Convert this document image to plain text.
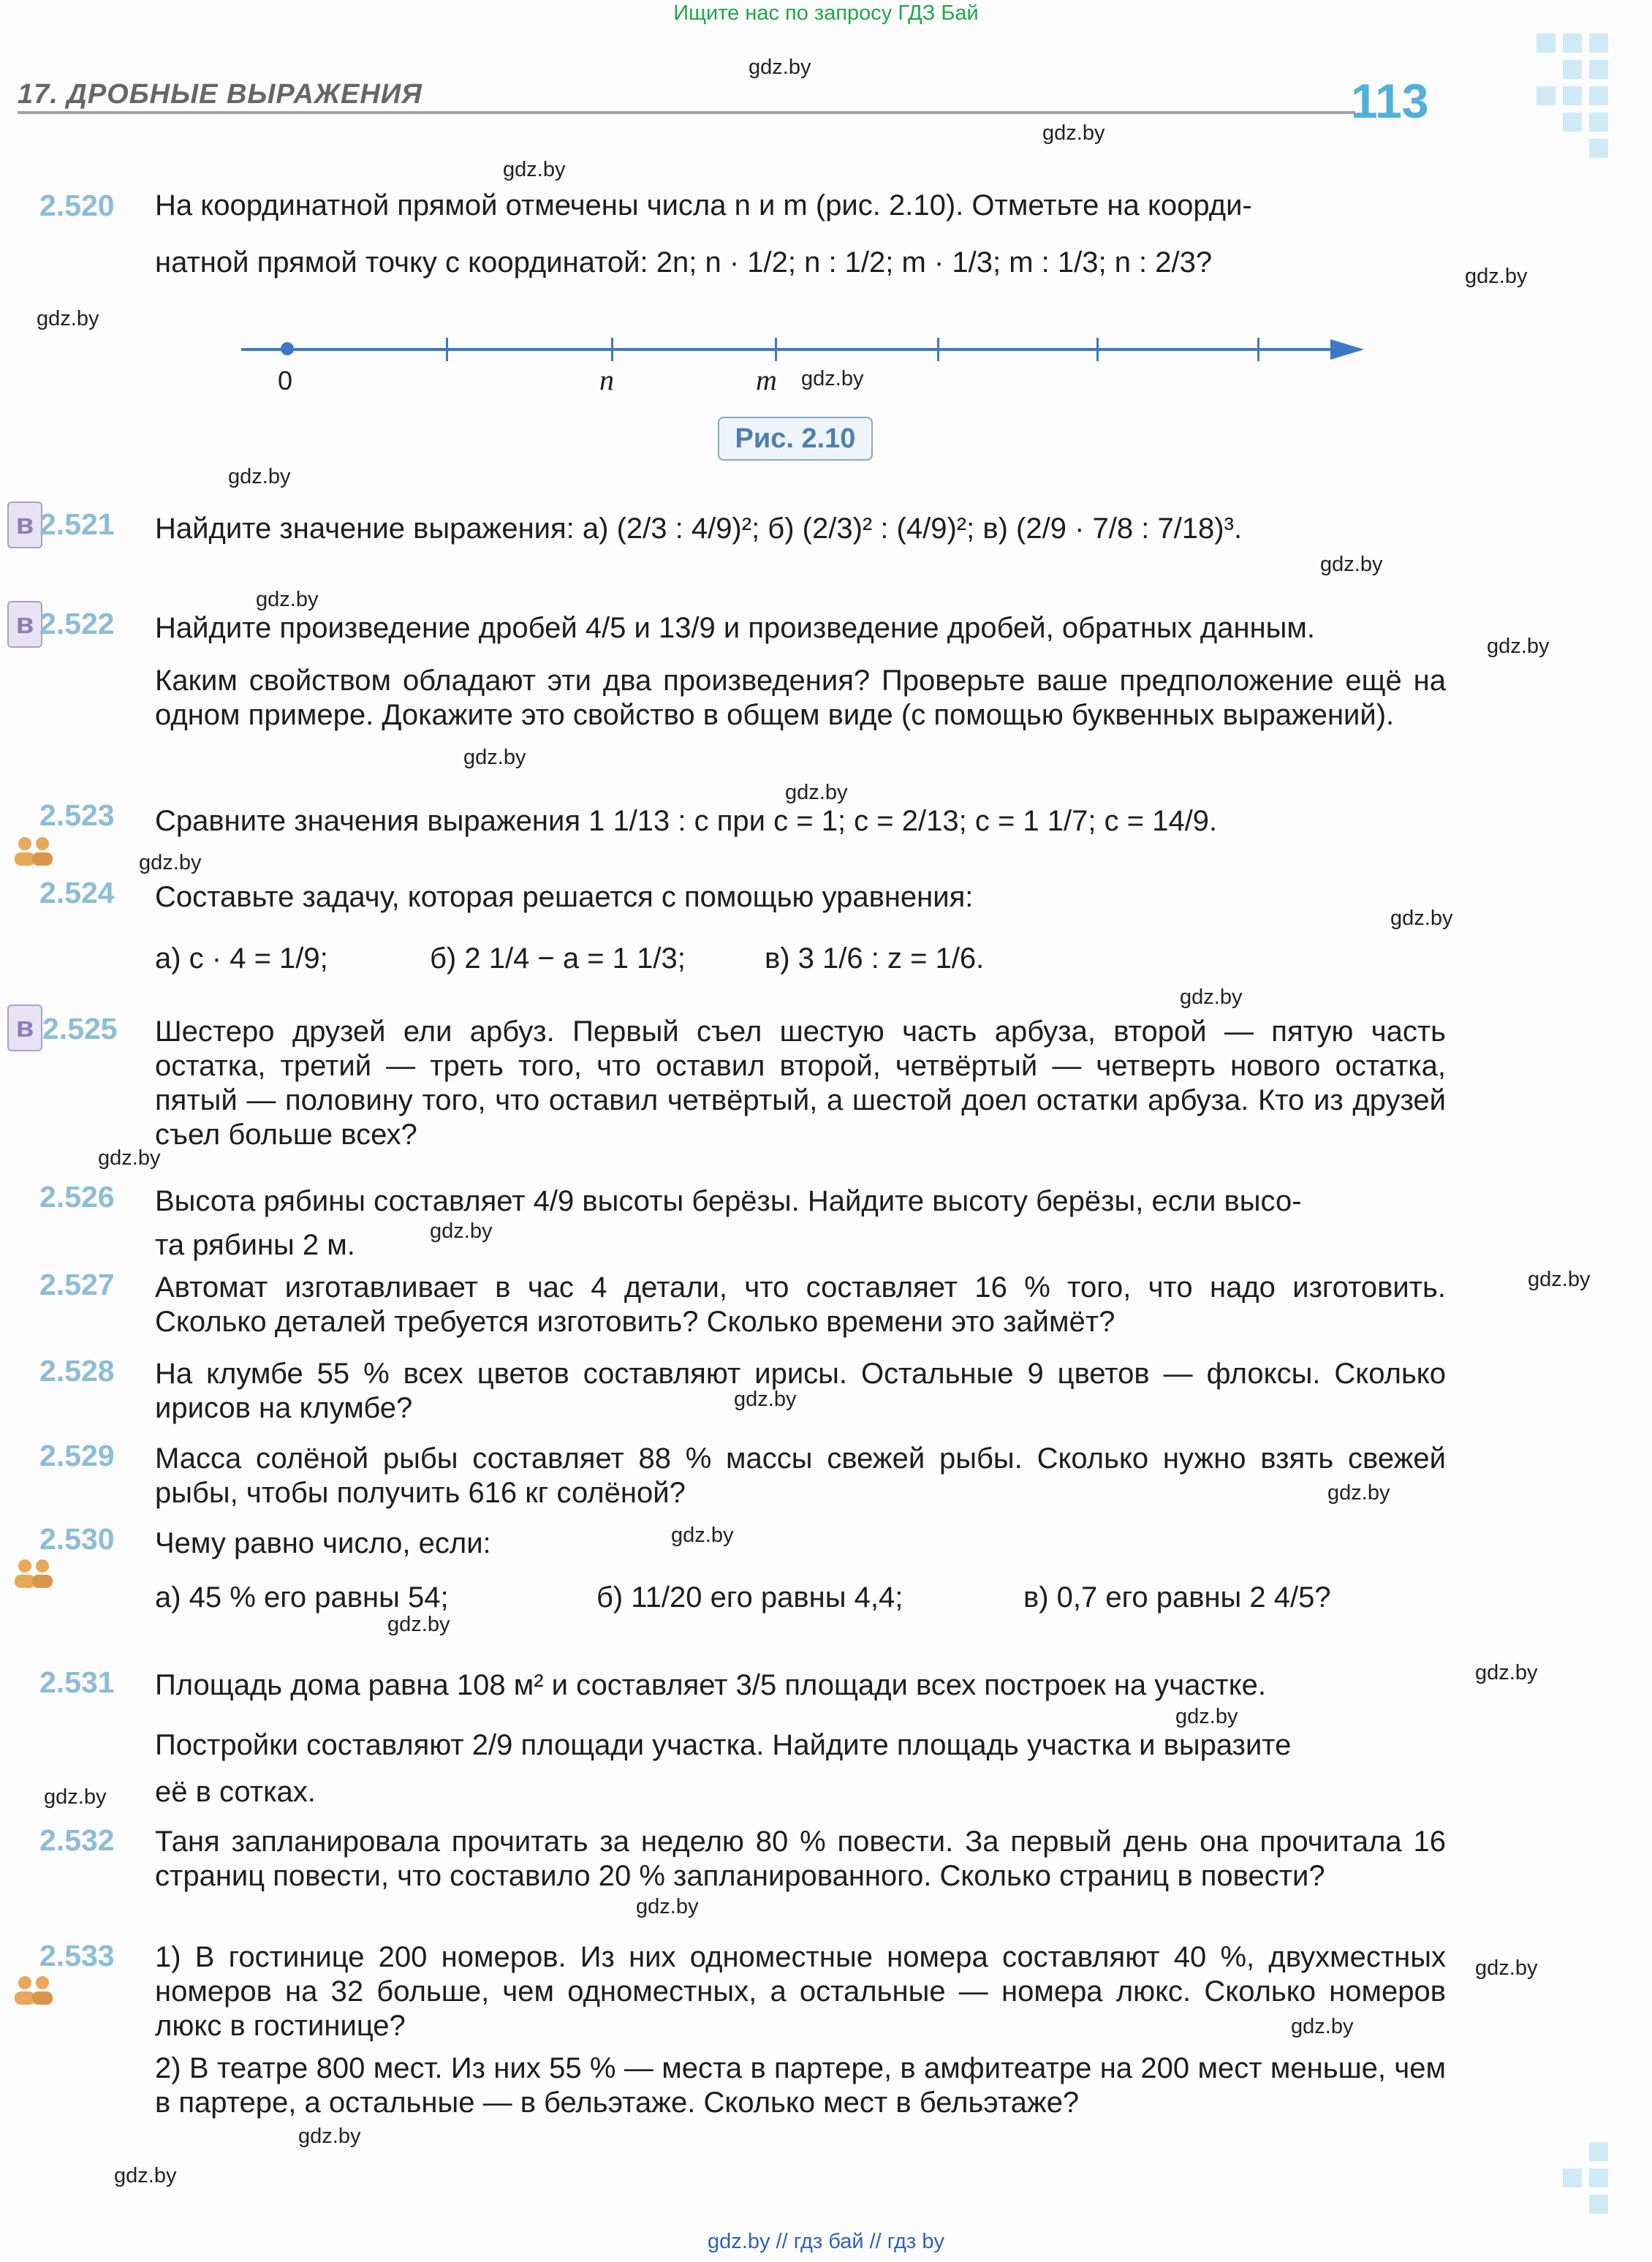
Ищите нас по запросу ГДЗ Бай
17. ДРОБНЫЕ ВЫРАЖЕНИЯ	113
gdz.by
gdz.by
gdz.by
gdz.by
gdz.by
gdz.by
gdz.by
gdz.by
gdz.by
gdz.by
gdz.by
gdz.by
gdz.by
gdz.by
gdz.by
gdz.by
gdz.by
gdz.by
gdz.by
gdz.by
gdz.by
gdz.by
gdz.by
gdz.by
gdz.by
gdz.by
gdz.by
gdz.by
gdz.by
gdz.by
2.520 На координатной прямой отмечены числа n и m (рис. 2.10). Отметьте на коорди-
натной прямой точку с координатой: 2n; n · 1/2; n : 1/2; m · 1/3; m : 1/3; n : 2/3?
0	n	m
Рис. 2.10
в 2.521 Найдите значение выражения: а) (2/3 : 4/9)²; б) (2/3)² : (4/9)²; в) (2/9 · 7/8 : 7/18)³.
в 2.522 Найдите произведение дробей 4/5 и 13/9 и произведение дробей, обратных данным.
Каким свойством обладают эти два произведения? Проверьте ваше предположение ещё на одном примере. Докажите это свойство в общем виде (с помощью буквенных выражений).
2.523 Сравните значения выражения 1 1/13 : c при c = 1; c = 2/13; c = 1 1/7; c = 14/9.
2.524 Составьте задачу, которая решается с помощью уравнения:
а) c · 4 = 1/9;	б) 2 1/4 − a = 1 1/3;	в) 3 1/6 : z = 1/6.
в 2.525 Шестеро друзей ели арбуз. Первый съел шестую часть арбуза, второй — пятую часть остатка, третий — треть того, что оставил второй, четвёртый — четверть нового остатка, пятый — половину того, что оставил четвёртый, а шестой доел остатки арбуза. Кто из друзей съел больше всех?
2.526 Высота рябины составляет 4/9 высоты берёзы. Найдите высоту берёзы, если высо-
та рябины 2 м.
2.527 Автомат изготавливает в час 4 детали, что составляет 16 % того, что надо изготовить. Сколько деталей требуется изготовить? Сколько времени это займёт?
2.528 На клумбе 55 % всех цветов составляют ирисы. Остальные 9 цветов — флоксы. Сколько ирисов на клумбе?
2.529 Масса солёной рыбы составляет 88 % массы свежей рыбы. Сколько нужно взять свежей рыбы, чтобы получить 616 кг солёной?
2.530 Чему равно число, если:
а) 45 % его равны 54;	б) 11/20 его равны 4,4;	в) 0,7 его равны 2 4/5?
2.531 Площадь дома равна 108 м² и составляет 3/5 площади всех построек на участке.
Постройки составляют 2/9 площади участка. Найдите площадь участка и выразите
её в сотках.
2.532 Таня запланировала прочитать за неделю 80 % повести. За первый день она прочитала 16 страниц повести, что составило 20 % запланированного. Сколько страниц в повести?
2.533 1) В гостинице 200 номеров. Из них одноместные номера составляют 40 %, двухместных номеров на 32 больше, чем одноместных, а остальные — номера люкс. Сколько номеров люкс в гостинице?
2) В театре 800 мест. Из них 55 % — места в партере, в амфитеатре на 200 мест меньше, чем в партере, а остальные — в бельэтаже. Сколько мест в бельэтаже?
gdz.by // гдз бай // гдз by
